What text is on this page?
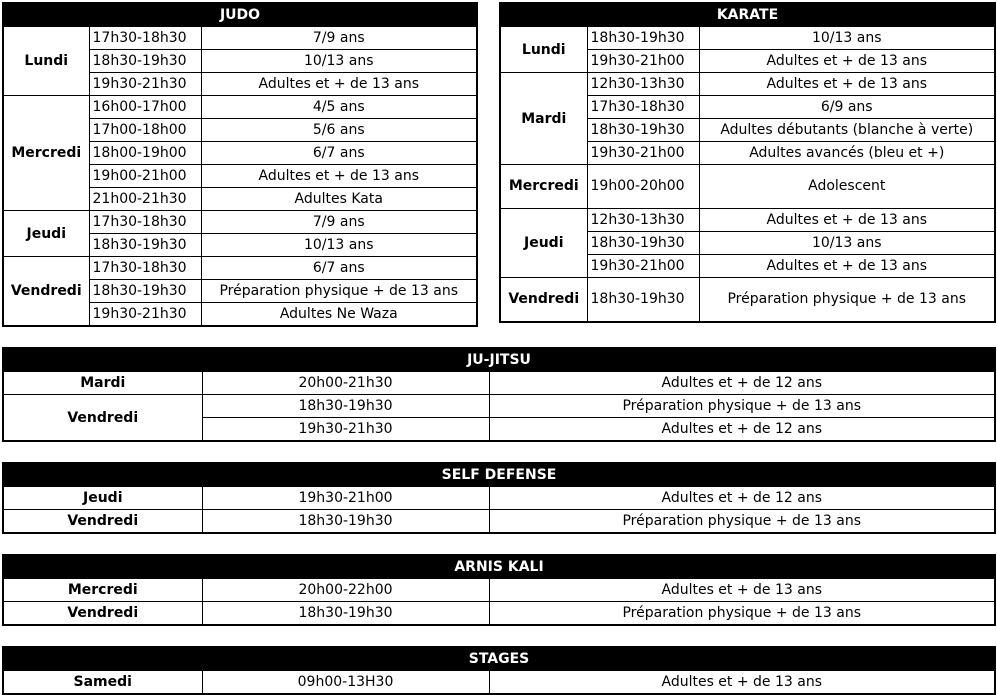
JUDO		
Lundi	17h30-18h30	7/9 ans
	18h30-19h30	10/13 ans
	19h30-21h30	Adultes et + de 13 ans
Mercredi	16h00-17h00	4/5 ans
	17h00-18h00	5/6 ans
	18h00-19h00	6/7 ans
	19h00-21h00	Adultes et + de 13 ans
	21h00-21h30	Adultes Kata
Jeudi	17h30-18h30	7/9 ans
	18h30-19h30	10/13 ans
Vendredi	17h30-18h30	6/7 ans
	18h30-19h30	Préparation physique + de 13 ans
	19h30-21h30	Adultes Ne Waza
KARATE		
Lundi	18h30-19h30	10/13 ans
	19h30-21h00	Adultes et + de 13 ans
Mardi	12h30-13h30	Adultes et + de 13 ans
	17h30-18h30	6/9 ans
	18h30-19h30	Adultes débutants (blanche à verte)
	19h30-21h00	Adultes avancés (bleu et +)
Mercredi	19h00-20h00	Adolescent
Jeudi	12h30-13h30	Adultes et + de 13 ans
	18h30-19h30	10/13 ans
	19h30-21h00	Adultes et + de 13 ans
Vendredi	18h30-19h30	Préparation physique + de 13 ans
JU-JITSU		
Mardi	20h00-21h30	Adultes et + de 12 ans
Vendredi	18h30-19h30	Préparation physique + de 13 ans
	19h30-21h30	Adultes et + de 12 ans
SELF DEFENSE		
Jeudi	19h30-21h00	Adultes et + de 12 ans
Vendredi	18h30-19h30	Préparation physique + de 13 ans
ARNIS KALI		
Mercredi	20h00-22h00	Adultes et + de 13 ans
Vendredi	18h30-19h30	Préparation physique + de 13 ans
STAGES
Samedi	09h00-13H30	Adultes et + de 13 ans
